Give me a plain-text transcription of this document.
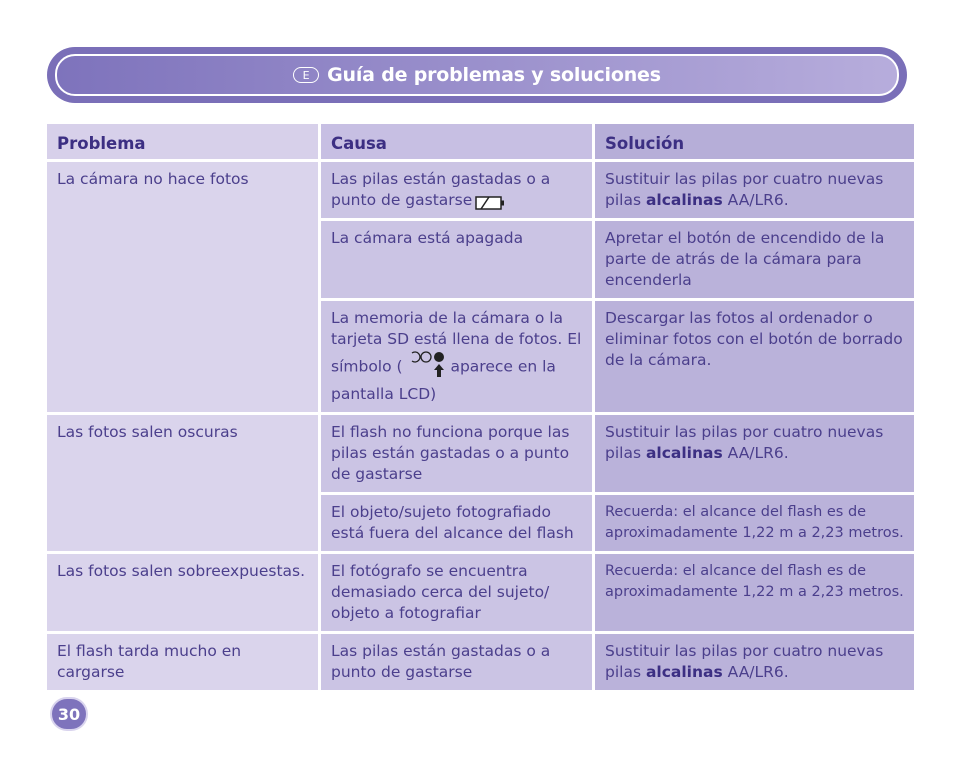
E Guía de problemas y soluciones
Problema	Causa	Solución
La cámara no hace fotos	Las pilas están gastadas o a punto de gastarse	Sustituir las pilas por cuatro nuevas pilas alcalinas AA/LR6.
	La cámara está apagada	Apretar el botón de encendido de la parte de atrás de la cámara para encenderla
	La memoria de la cámara o la tarjeta SD está llena de fotos. El símbolo ( aparece en la pantalla LCD)	Descargar las fotos al ordenador o eliminar fotos con el botón de borrado de la cámara.
Las fotos salen oscuras	El flash no funciona porque las pilas están gastadas o a punto de gastarse	Sustituir las pilas por cuatro nuevas pilas alcalinas AA/LR6.
	El objeto/sujeto fotografiado está fuera del alcance del flash	Recuerda: el alcance del flash es de aproximadamente 1,22 m a 2,23 metros.
Las fotos salen sobreexpuestas.	El fotógrafo se encuentra demasiado cerca del sujeto/ objeto a fotografiar	Recuerda: el alcance del flash es de aproximadamente 1,22 m a 2,23 metros.
El flash tarda mucho en cargarse	Las pilas están gastadas o a punto de gastarse	Sustituir las pilas por cuatro nuevas pilas alcalinas AA/LR6.
30
